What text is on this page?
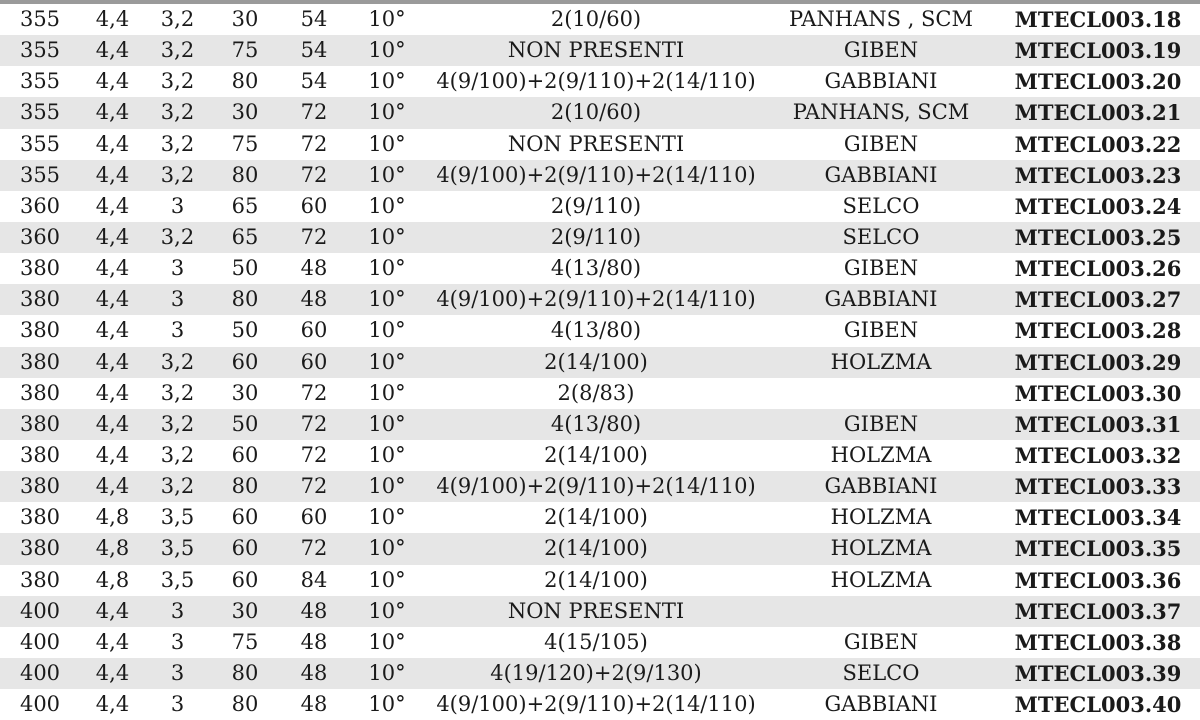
355	4,4	3,2	30	54	10°	2(10/60)	PANHANS , SCM	MTECL003.18
355	4,4	3,2	75	54	10°	NON PRESENTI	GIBEN	MTECL003.19
355	4,4	3,2	80	54	10°	4(9/100)+2(9/110)+2(14/110)	GABBIANI	MTECL003.20
355	4,4	3,2	30	72	10°	2(10/60)	PANHANS, SCM	MTECL003.21
355	4,4	3,2	75	72	10°	NON PRESENTI	GIBEN	MTECL003.22
355	4,4	3,2	80	72	10°	4(9/100)+2(9/110)+2(14/110)	GABBIANI	MTECL003.23
360	4,4	3	65	60	10°	2(9/110)	SELCO	MTECL003.24
360	4,4	3,2	65	72	10°	2(9/110)	SELCO	MTECL003.25
380	4,4	3	50	48	10°	4(13/80)	GIBEN	MTECL003.26
380	4,4	3	80	48	10°	4(9/100)+2(9/110)+2(14/110)	GABBIANI	MTECL003.27
380	4,4	3	50	60	10°	4(13/80)	GIBEN	MTECL003.28
380	4,4	3,2	60	60	10°	2(14/100)	HOLZMA	MTECL003.29
380	4,4	3,2	30	72	10°	2(8/83)		MTECL003.30
380	4,4	3,2	50	72	10°	4(13/80)	GIBEN	MTECL003.31
380	4,4	3,2	60	72	10°	2(14/100)	HOLZMA	MTECL003.32
380	4,4	3,2	80	72	10°	4(9/100)+2(9/110)+2(14/110)	GABBIANI	MTECL003.33
380	4,8	3,5	60	60	10°	2(14/100)	HOLZMA	MTECL003.34
380	4,8	3,5	60	72	10°	2(14/100)	HOLZMA	MTECL003.35
380	4,8	3,5	60	84	10°	2(14/100)	HOLZMA	MTECL003.36
400	4,4	3	30	48	10°	NON PRESENTI		MTECL003.37
400	4,4	3	75	48	10°	4(15/105)	GIBEN	MTECL003.38
400	4,4	3	80	48	10°	4(19/120)+2(9/130)	SELCO	MTECL003.39
400	4,4	3	80	48	10°	4(9/100)+2(9/110)+2(14/110)	GABBIANI	MTECL003.40
